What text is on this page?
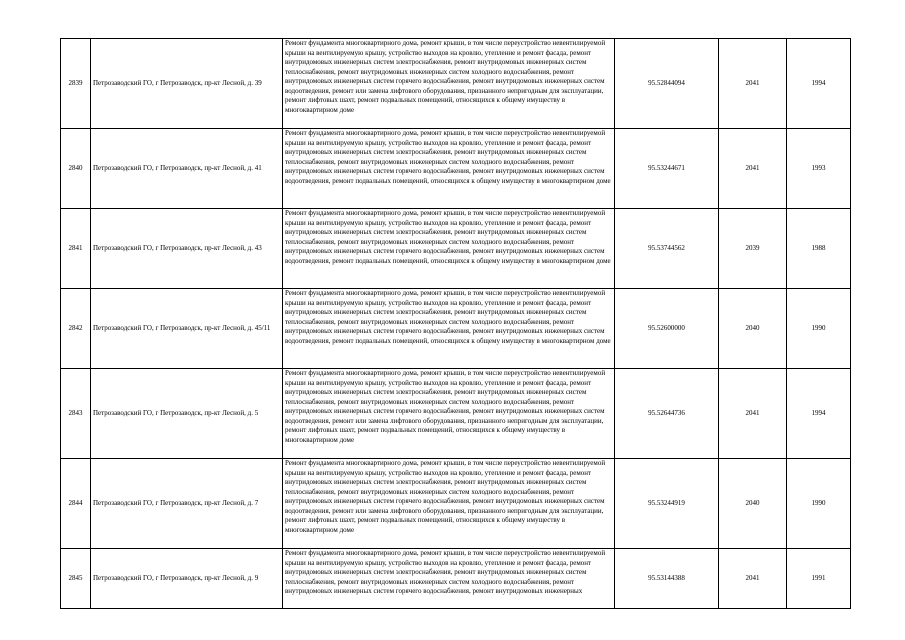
2839	Петрозаводский ГО, г Петрозаводск, пр-кт Лесной, д. 39	Ремонт фундамента многоквартирного дома, ремонт крыши, в том числе переустройство невентилируемой крыши на вентилируемую крышу, устройство выходов на кровлю, утепление и ремонт фасада, ремонт внутридомовых инженерных систем электроснабжения, ремонт внутридомовых инженерных систем теплоснабжения, ремонт внутридомовых инженерных систем холодного водоснабжения, ремонт внутридомовых инженерных систем горячего водоснабжения, ремонт внутридомовых инженерных систем водоотведения, ремонт или замена лифтового оборудования, признанного непригодным для эксплуатации, ремонт лифтовых шахт, ремонт подвальных помещений, относящихся к общему имуществу в многоквартирном доме	95.52844094	2041	1994
2840	Петрозаводский ГО, г Петрозаводск, пр-кт Лесной, д. 41	Ремонт фундамента многоквартирного дома, ремонт крыши, в том числе переустройство невентилируемой крыши на вентилируемую крышу, устройство выходов на кровлю, утепление и ремонт фасада, ремонт внутридомовых инженерных систем электроснабжения, ремонт внутридомовых инженерных систем теплоснабжения, ремонт внутридомовых инженерных систем холодного водоснабжения, ремонт внутридомовых инженерных систем горячего водоснабжения, ремонт внутридомовых инженерных систем водоотведения, ремонт подвальных помещений, относящихся к общему имуществу в многоквартирном доме	95.53244671	2041	1993
2841	Петрозаводский ГО, г Петрозаводск, пр-кт Лесной, д. 43	Ремонт фундамента многоквартирного дома, ремонт крыши, в том числе переустройство невентилируемой крыши на вентилируемую крышу, устройство выходов на кровлю, утепление и ремонт фасада, ремонт внутридомовых инженерных систем электроснабжения, ремонт внутридомовых инженерных систем теплоснабжения, ремонт внутридомовых инженерных систем холодного водоснабжения, ремонт внутридомовых инженерных систем горячего водоснабжения, ремонт внутридомовых инженерных систем водоотведения, ремонт подвальных помещений, относящихся к общему имуществу в многоквартирном доме	95.53744562	2039	1988
2842	Петрозаводский ГО, г Петрозаводск, пр-кт Лесной, д. 45/11	Ремонт фундамента многоквартирного дома, ремонт крыши, в том числе переустройство невентилируемой крыши на вентилируемую крышу, устройство выходов на кровлю, утепление и ремонт фасада, ремонт внутридомовых инженерных систем электроснабжения, ремонт внутридомовых инженерных систем теплоснабжения, ремонт внутридомовых инженерных систем холодного водоснабжения, ремонт внутридомовых инженерных систем горячего водоснабжения, ремонт внутридомовых инженерных систем водоотведения, ремонт подвальных помещений, относящихся к общему имуществу в многоквартирном доме	95.52600000	2040	1990
2843	Петрозаводский ГО, г Петрозаводск, пр-кт Лесной, д. 5	Ремонт фундамента многоквартирного дома, ремонт крыши, в том числе переустройство невентилируемой крыши на вентилируемую крышу, устройство выходов на кровлю, утепление и ремонт фасада, ремонт внутридомовых инженерных систем электроснабжения, ремонт внутридомовых инженерных систем теплоснабжения, ремонт внутридомовых инженерных систем холодного водоснабжения, ремонт внутридомовых инженерных систем горячего водоснабжения, ремонт внутридомовых инженерных систем водоотведения, ремонт или замена лифтового оборудования, признанного непригодным для эксплуатации, ремонт лифтовых шахт, ремонт подвальных помещений, относящихся к общему имуществу в многоквартирном доме	95.52644736	2041	1994
2844	Петрозаводский ГО, г Петрозаводск, пр-кт Лесной, д. 7	Ремонт фундамента многоквартирного дома, ремонт крыши, в том числе переустройство невентилируемой крыши на вентилируемую крышу, устройство выходов на кровлю, утепление и ремонт фасада, ремонт внутридомовых инженерных систем электроснабжения, ремонт внутридомовых инженерных систем теплоснабжения, ремонт внутридомовых инженерных систем холодного водоснабжения, ремонт внутридомовых инженерных систем горячего водоснабжения, ремонт внутридомовых инженерных систем водоотведения, ремонт или замена лифтового оборудования, признанного непригодным для эксплуатации, ремонт лифтовых шахт, ремонт подвальных помещений, относящихся к общему имуществу в многоквартирном доме	95.53244919	2040	1990
2845	Петрозаводский ГО, г Петрозаводск, пр-кт Лесной, д. 9	Ремонт фундамента многоквартирного дома, ремонт крыши, в том числе переустройство невентилируемой крыши на вентилируемую крышу, устройство выходов на кровлю, утепление и ремонт фасада, ремонт внутридомовых инженерных систем электроснабжения, ремонт внутридомовых инженерных систем теплоснабжения, ремонт внутридомовых инженерных систем холодного водоснабжения, ремонт внутридомовых инженерных систем горячего водоснабжения, ремонт внутридомовых инженерных	95.53144388	2041	1991
